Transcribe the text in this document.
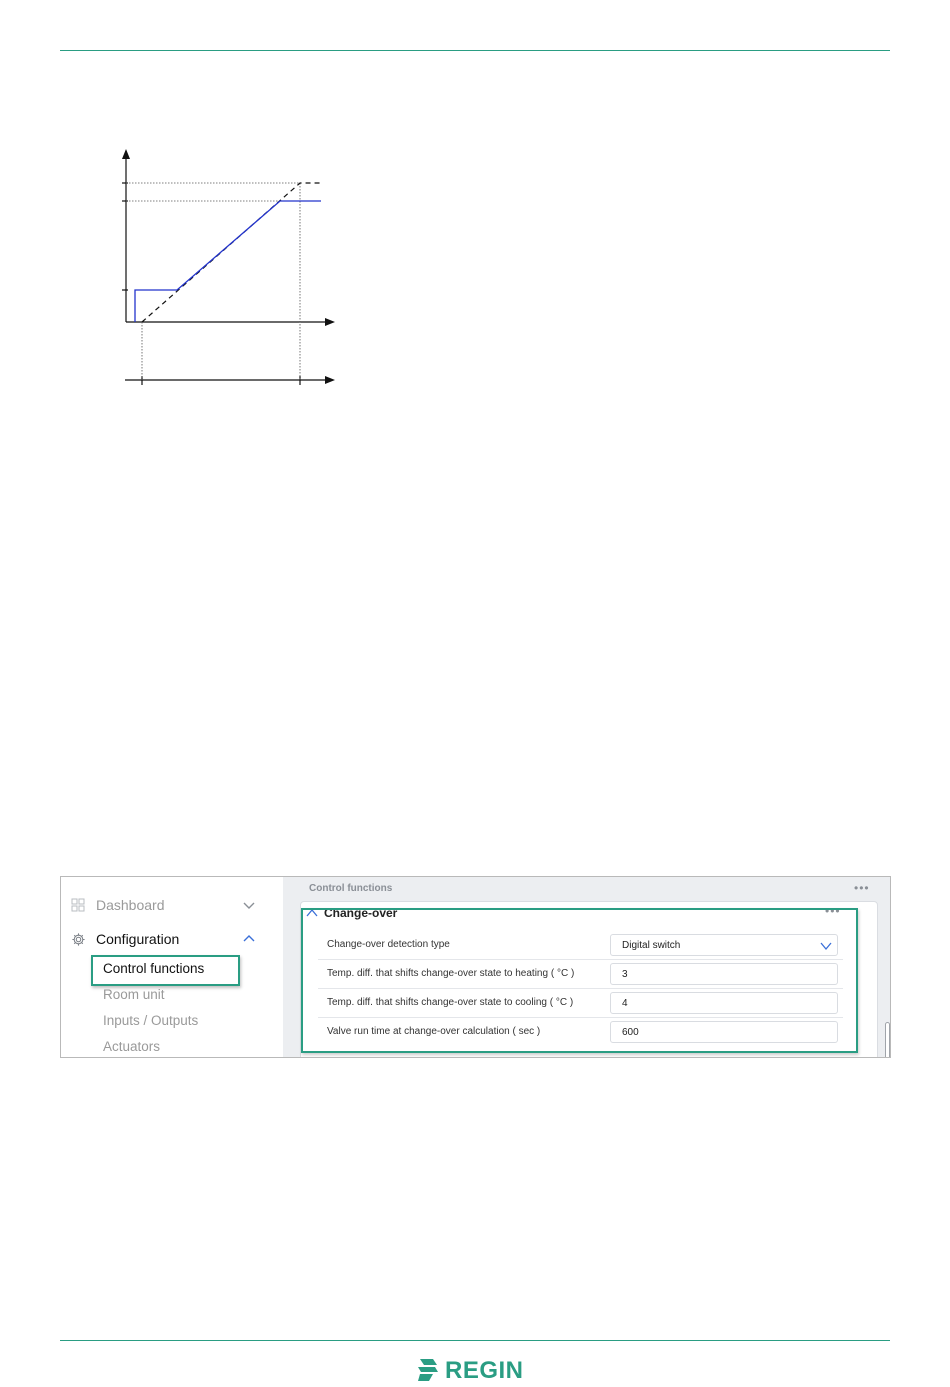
Dashboard
Configuration
Control functions
Room unit
Inputs / Outputs
Actuators
Control functions	•••
Change-over	•••
Change-over detection type	Digital switch
Temp. diff. that shifts change-over state to heating ( °C )	3
Temp. diff. that shifts change-over state to cooling ( °C )	4
Valve run time at change-over calculation ( sec )	600
REGIN
